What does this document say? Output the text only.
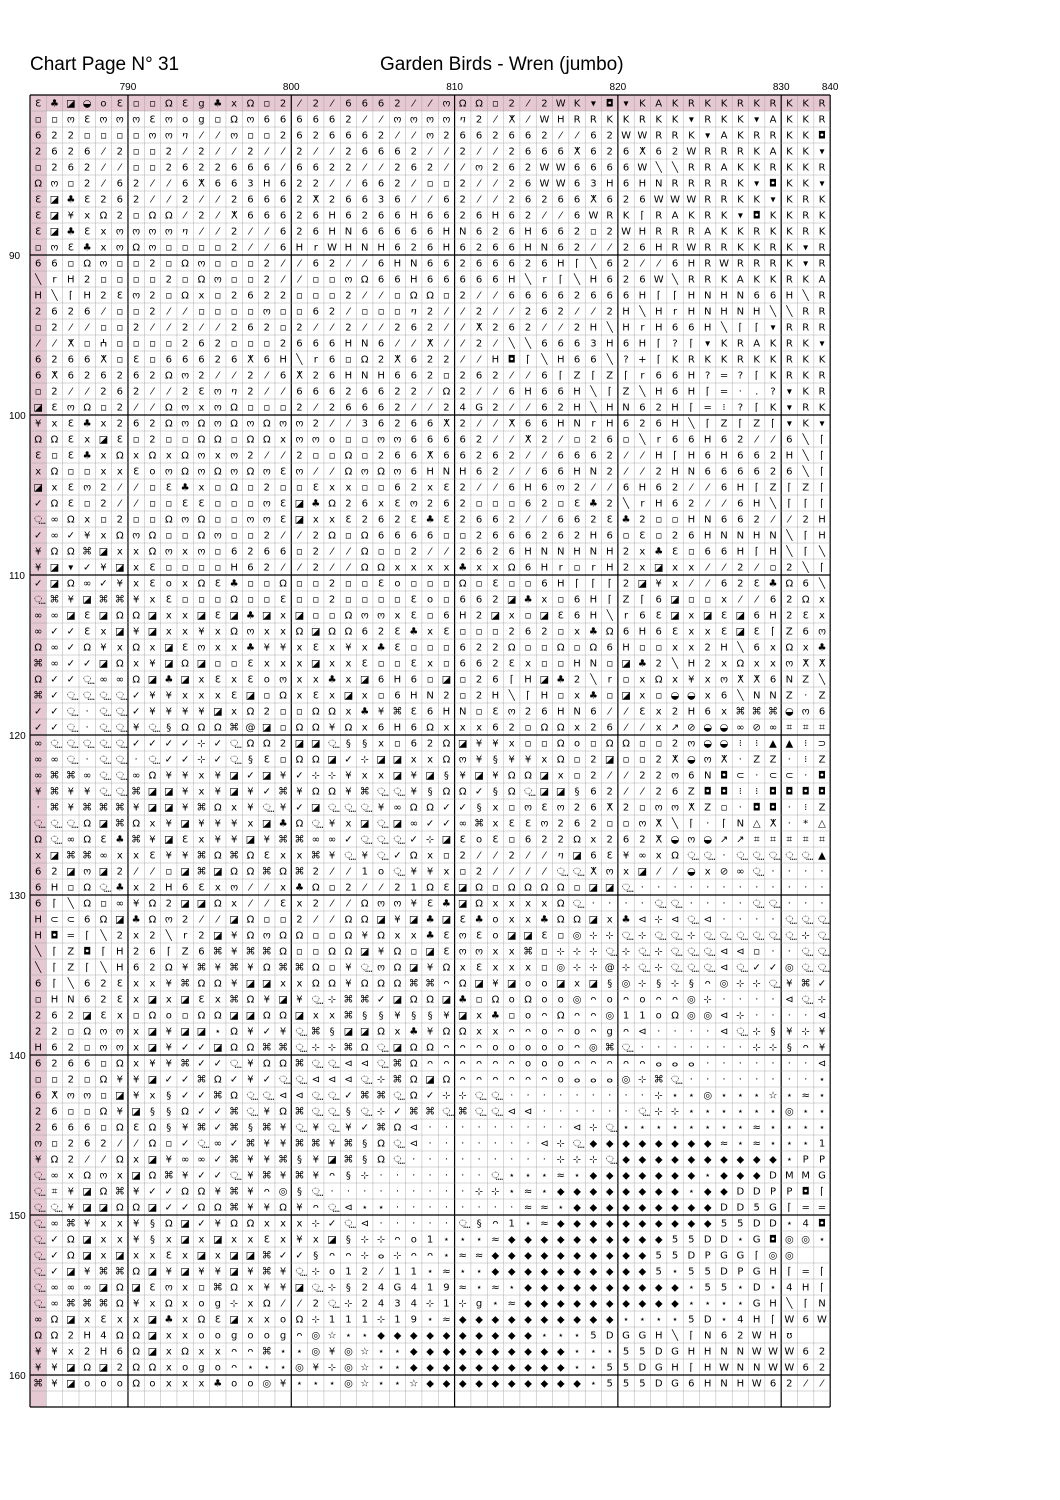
Chart Page N° 31	Garden Birds - Wren (jumbo)
790	800	810	820	830	840
90
100
110
120
130
140
150
160
Ɛ ♣ ◪ ◒ o Ɛ ▫ ▫ Ω Ɛ g ♣ x Ω ▫ 2 ⁄ 2 ⁄ 6 6 6 2 ⁄ ⁄ ო Ω Ω ▫ 2 ⁄ 2 W K ▾ ◘ ▾ K A K R K K R K R K K R
▫ ▫ ო Ɛ ო ო ო Ɛ ო o g ▫ Ω ო 6 6 6 6 6 2 ⁄ ⁄ ო ო ო ო ⴈ 2 ⁄ ⵅ ⁄ W H R R K K R K K ▾ R K K ▾ A K K R
6 2 2 ▫ ▫ ▫ ▫ ო ო ⴈ ⁄ ⁄ ო ▫ ▫ 2 6 2 6 6 6 2 ⁄ ⁄ ო 2 6 6 2 6 6 2 ⁄ ⁄ 6 2 W W R R K ▾ A K R R K K ◘
2 6 2 6 ⁄ 2 ▫ ▫ 2 ⁄ 2 ⁄ ⁄ 2 ⁄ ⁄ 2 ⁄ ⁄ 2 6 6 6 2 ⁄ ⁄ 2 ⁄ ⁄ 2 6 6 6 ⵅ 6 2 6 ⵅ 6 2 W R R R K A K K ▾
▫ 2 6 2 ⁄ ⁄ ▫ ▫ 2 6 2 2 6 6 6 ⁄ 6 6 2 2 ⁄ ⁄ 2 6 2 ⁄ ⁄ ო 2 6 2 W W 6 6 6 6 W ╲ ╲ R R A K K R K K R
Ω ო ▫ 2 ⁄ 6 2 ⁄ ⁄ 6 ⵅ 6 6 3 H 6 2 2 ⁄ ⁄ 6 6 2 ⁄ ▫ ▫ 2 ⁄ ⁄ 2 6 W W 6 3 H 6 H N R R R R K ▾ ◘ K K ▾
Ɛ ◪ ♣ Ɛ 2 6 2 ⁄ ⁄ 2 ⁄ ⁄ 2 6 6 6 2 ⵅ 2 6 6 3 6 ⁄ ⁄ 6 2 ⁄ ⁄ 2 6 2 6 6 ⵅ 6 2 6 W W W R R K K ▾ K R K
Ɛ ◪ ¥ x Ω 2 ▫ Ω Ω ⁄ 2 ⁄ ⵅ 6 6 6 2 6 H 6 2 6 6 H 6 6 2 6 H 6 2 ⁄ ⁄ 6 W R K ⌈ R A K R K ▾ ◘ K K R K
Ɛ ◪ ♣ Ɛ x ო ო ო ო ⴈ ⁄ ⁄ 2 ⁄ ⁄ 6 2 6 H N 6 6 6 6 6 H N 6 2 6 H 6 6 2 ▫ 2 W H R R R A K K R K K R K
▫ ო Ɛ ♣ x ო Ω ო ▫ ▫ ▫ ▫ 2 ⁄ ⁄ 6 H r W H N H 6 2 6 H 6 2 6 6 H N 6 2 ⁄ ⁄ 2 6 H R W R R K K R K ▾ R
6 6 ▫ Ω ო ▫ ▫ 2 ▫ Ω ო ▫ ▫ ▫ 2 ⁄ ⁄ 6 2 ⁄ ⁄ 6 H N 6 6 2 6 6 6 2 6 H ⌈ ╲ 6 2 ⁄ ⁄ 6 H R W R R R K ▾ R
╲ r H 2 ▫ ▫ ▫ ▫ 2 ▫ Ω ო ▫ ▫ 2 ⁄ ⁄ ▫ ▫ ო Ω 6 6 H 6 6 6 6 6 H ╲ r ⌈ ╲ H 6 2 6 W ╲ R R K A K K R K A
H ╲ ⌈ H 2 Ɛ ო 2 ▫ Ω x ▫ 2 6 2 2 ▫ ▫ ▫ 2 ⁄ ⁄ ▫ Ω Ω ▫ 2 ⁄ ⁄ 6 6 6 6 2 6 6 6 H ⌈ ⌈ H N H N 6 6 H ╲ R
2 6 2 6 ⁄ ▫ ▫ 2 ⁄ ⁄ ▫ ▫ ▫ ▫ ო ▫ ▫ 6 2 ⁄ ▫ ▫ ▫ ⴈ 2 ⁄ ⁄ 2 ⁄ ⁄ 2 6 2 ⁄ ⁄ 2 H ╲ H r H N H N H ╲ ╲ R R
▫ 2 ⁄ ⁄ ▫ ▫ 2 ⁄ ⁄ 2 ⁄ ⁄ 2 6 2 ▫ 2 ⁄ ⁄ 2 ⁄ ⁄ 2 6 2 ⁄ ⁄ ⵅ 2 6 2 ⁄ ⁄ 2 H ╲ H r H 6 6 H ╲ ⌈ ⌈ ▾ R R R
⁄ ⁄ ⵅ ▫ ⵄ ▫ ▫ ▫ ▫ 2 6 2 ▫ ▫ ▫ 2 6 6 6 H N 6 ⁄ ⁄ ⵅ ⁄ ⁄ 2 ⁄ ╲ ╲ 6 6 6 3 H 6 H ⌈ ? ⌈ ▾ K R A K R K ▾
6 2 6 6 ⵅ ▫ Ɛ ▫ 6 6 6 2 6 ⵅ 6 H ╲ r 6 ▫ Ω 2 ⵅ 6 2 2 ⁄ ⁄ H ◘ ⌈ ╲ H 6 6 ╲ ? + ⌈ K R K K R K K R K K
6 ⵅ 6 2 6 2 6 2 Ω ო 2 ⁄ ⁄ 2 ⁄ 6 ⵅ 2 6 H N H 6 6 2 ▫ 2 6 2 ⁄ ⁄ 6 ⌈ Z ⌈ Z ⌈ r 6 6 H ? = ? ⌈ K R K R
▫ 2 ⁄ ⁄ 2 6 2 ⁄ ⁄ 2 Ɛ ო ⴈ 2 ⁄ ⁄ 6 6 6 2 6 6 2 2 ⁄ Ω 2 ⁄ ⁄ 6 H 6 6 H ╲ ⌈ Z ╲ H 6 H ⌈ = · . ? ▾ K R
◪ Ɛ ო Ω ▫ 2 ⁄ ⁄ Ω ო x ო Ω ▫ ▫ ▫ 2 ⁄ 2 6 6 6 2 ⁄ ⁄ 2 4 G 2 ⁄ ⁄ 6 2 H ╲ H N 6 2 H ⌈ = ⁝ ? ⌈ K ▾ R K
¥ x Ɛ ♣ x 2 6 2 Ω ო Ω ო Ω ო Ω ო ო 2 ⁄ ⁄ 3 6 2 6 6 ⵅ 2 ⁄ ⁄ ⵅ 6 6 H N r H 6 2 6 H ╲ ⌈ Z ⌈ Z ⌈ ▾ K ▾
Ω Ω Ɛ x ◪ Ɛ ▫ 2 ▫ ▫ Ω Ω ▫ Ω Ω x ო ო o ▫ ▫ ო ო 6 6 6 6 2 ⁄ ⁄ ⵅ 2 ⁄ ▫ 2 6 ▫ ╲ r 6 6 H 6 2 ⁄ ⁄ 6 ╲ ⌈
Ɛ ▫ Ɛ ♣ x Ω x Ω x Ω ო x ო 2 ⁄ ⁄ 2 ▫ ▫ Ω ▫ 2 6 6 ⵅ 6 6 2 6 2 ⁄ ⁄ 6 6 6 2 ⁄ ⁄ H ⌈ H 6 H 6 6 2 H ╲ ⌈
x Ω ▫ ▫ x x Ɛ o ო Ω ო Ω ო Ω ო Ɛ ო ⁄ ⁄ Ω ო Ω ო 6 H N H 6 2 ⁄ ⁄ 6 6 H N 2 ⁄ ⁄ 2 H N 6 6 6 6 2 6 ╲ ⌈
◪ x Ɛ ო 2 ⁄ ⁄ ▫ Ɛ ♣ x ▫ Ω ▫ 2 ▫ ▫ Ɛ x x ▫ ▫ 6 2 x Ɛ 2 ⁄ ⁄ 6 H 6 ო 2 ⁄ ⁄ 6 H 6 2 ⁄ ⁄ 6 H ⌈ Z ⌈ Z ⌈
✓ Ω Ɛ ▫ 2 ⁄ ⁄ ▫ ▫ Ɛ Ɛ ▫ ▫ ▫ ო Ɛ ◪ ♣ Ω 2 6 x Ɛ ო 2 6 2 ▫ ▫ ▫ 6 2 ▫ Ɛ ♣ 2 ╲ r H 6 2 ⁄ ⁄ 6 H ╲ ⌈ ⌈ ⌈
⵿ ∞ Ω x ▫ 2 ▫ ▫ Ω ო Ω ▫ ▫ ო ო Ɛ ◪ x x Ɛ 2 6 2 Ɛ ♣ Ɛ 2 6 6 2 ⁄ ⁄ 6 6 2 Ɛ ♣ 2 ▫ ▫ H N 6 6 2 ⁄ ⁄ 2 H
✓ ∞ ✓ ¥ x Ω ო Ω ▫ ▫ Ω ო ▫ ▫ 2 ⁄ ⁄ 2 Ω ▫ Ω 6 6 6 6 ▫ ▫ 2 6 6 6 2 6 2 H 6 ▫ Ɛ ▫ 2 6 H N N H N ╲ ⌈ H
¥ Ω Ω ⌘ ◪ x x Ω ო x ო ▫ 6 2 6 6 ▫ 2 ⁄ ⁄ Ω ▫ ▫ 2 ⁄ ⁄ 2 6 2 6 H N N H N H 2 x ♣ Ɛ ▫ 6 6 H ⌈ H ╲ ⌈ ╲
¥ ◪ ▾ ✓ ¥ ◪ x Ɛ ▫ ▫ ▫ ▫ H 6 2 ⁄ ⁄ 2 ⁄ ⁄ Ω Ω x x x x ♣ x x Ω 6 H r ▫ r H 2 x ◪ x x ⁄ ⁄ 2 ⁄ ▫ 2 ╲ ⌈
✓ ◪ Ω ∞ ✓ ¥ x Ɛ o x Ω Ɛ ♣ ▫ ▫ Ω ▫ ▫ 2 ▫ ▫ Ɛ o ▫ ▫ ▫ Ω ▫ Ɛ ▫ ▫ 6 H ⌈ ⌈ ⌈ 2 ◪ ¥ x ⁄ ⁄ 6 2 Ɛ ♣ Ω 6 ╲
⵿ ⌘ ¥ ◪ ⌘ ⌘ ¥ x Ɛ ▫ ▫ ▫ Ω ▫ ▫ Ɛ ▫ ▫ 2 ▫ ▫ ▫ ▫ Ɛ o ▫ 6 6 2 ◪ ♣ x ▫ 6 H ⌈ Z ⌈ 6 ◪ ▫ ▫ x ⁄ ⁄ 6 2 Ω x
∞ ∞ ◪ Ɛ ◪ Ω Ω ◪ x x ◪ Ɛ ◪ ♣ ◪ x ◪ ▫ ▫ Ω ო ო x Ɛ ▫ 6 H 2 ◪ x ▫ ◪ Ɛ 6 H ╲ r 6 Ɛ ◪ x ◪ Ɛ ◪ 6 H 2 Ɛ x
∞ ✓ ✓ Ɛ x ◪ ¥ ◪ x x ¥ x Ω ო x x Ω ◪ Ω Ω 6 2 Ɛ ♣ x Ɛ ▫ ▫ ▫ 2 6 2 ▫ x ♣ Ω 6 H 6 Ɛ x x Ɛ ◪ Ɛ ⌈ Z 6 ო
Ω ∞ ✓ Ω ¥ x Ω x ◪ Ɛ ო x x ♣ ¥ ¥ x Ɛ x ¥ x ♣ Ɛ ▫ ▫ ▫ 6 2 2 Ω ▫ ▫ Ω ▫ Ω 6 H ▫ ▫ x x 2 H ╲ 6 x Ω x ♣
⌘ ∞ ✓ ✓ ◪ Ω x ¥ ◪ Ω ◪ ▫ ▫ Ɛ x x x ◪ x x Ɛ ▫ ▫ Ɛ x ▫ 6 6 2 Ɛ x ▫ ▫ H N ▫ ◪ ♣ 2 ╲ H 2 x Ω x x ო ⵅ ⵅ
Ω ✓ ✓ ⵿ ∞ ∞ Ω ◪ ♣ ◪ x Ɛ x Ɛ o ო x x ♣ x ◪ 6 H 6 ▫ ◪ ▫ 2 6 ⌈ H ◪ ♣ 2 ╲ r ▫ x Ω x ¥ x ო ⵅ ⵅ 6 N Z ╲
⌘ ✓ ⵿ ⵿ ⵿ ⵿ ✓ ¥ ¥ x x x Ɛ ◪ ▫ Ω x Ɛ x ◪ x ▫ 6 H N 2 ▫ 2 H ╲ ⌈ H ▫ x ♣ ▫ ◪ x ▫ ◒ ◒ x 6 ╲ N N Z · Z
✓ ✓ ⵿	· ⵿ ⵿ ✓ ¥ ¥ ¥ ¥ ◪ x Ω 2 ▫ ▫ Ω Ω x ♣ ¥ ⌘ Ɛ 6 H N ▫ Ɛ ო 2 6 H N 6 ⁄ ⁄ Ɛ x 2 H 6 x ⌘ ⌘ ⌘ ◒ ო 6
✓ ✓ ⵿	· ⵿ ⵿ ¥ ⵿ § Ω Ω Ω ⌘ @ ◪ ▫ Ω Ω ¥ Ω x 6 H 6 Ω x x x 6 2 ▫ Ω Ω x 2 6 ⁄ ⁄ x ↗ ⊘ ◒ ◒ ∞ ⊘ ∞ ⌗ ⌗ ⌗
∞ ⵿ ⵿ ⵿ ⵿ ⵿ ✓ ✓ ✓ ✓ ⊹ ✓ ⵿ Ω Ω 2 ◪ ◪ ⵿ § § x ▫ 6 2 Ω ◪ ¥ ¥ x ▫ ▫ Ω o ▫ Ω Ω ▫ ▫ 2 ო ◒ ◒ ⁝ ⁝ ▲ ▲ ⁝ ⊃
∞ ∞ ⵿	· ⵿ ⵿	· ⵿ ✓ ✓ ⊹ ✓ ⵿ § Ɛ ▫ Ω Ω ◪ ✓ ⊹ ◪ ◪ x x Ω ო ¥ § ¥ ¥ x Ω ▫ 2 ◪ ▫ ▫ 2 ⵅ ◒ ო ⵅ · Z Z · ⁝ Z
∞ ⌘ ⌘ ∞ ⵿ ⵿ ∞ Ω ¥ ¥ x ¥ ◪ ✓ ◪ ¥ ✓ ⊹ ⊹ ¥ x x ◪ ¥ ◪ § ¥ ◪ ¥ Ω Ω ◪ x ▫ 2 ⁄ ⁄ 2 2 ო 6 N ◘ ⊂ · ⊂ ⊂ · ◘
¥ ⌘ ¥ ¥ ⵿ ⵿ ⌘ ◪ ◪ ¥ x ¥ ◪ ¥ ✓ ⌘ ¥ Ω Ω ¥ ⌘ ⵿ ⵿ ¥ § Ω Ω ✓ § Ω ⵿ ◪ ◪ § 6 2 ⁄ ⁄ 2 6 Z ◘ ◘ ⁝ ⁝ ◘ ◘ ◘ ◘
· ⌘ ¥ ⌘ ⌘ ⌘ ¥ ◪ ◪ ¥ ⌘ Ω x ¥ ⵿ ¥ ✓ ◪ ⵿ ⵿ ⵿ ¥ ∞ Ω Ω ✓ ✓ § x ▫ ო Ɛ ო 2 6 ⵅ 2 ▫ ო ო ⵅ Z ▫ · ◘ ◘ · ⁝ Z
⵿ ⵿ ⵿ Ω ◪ ⌘ Ω x ¥ ◪ ¥ ¥ ¥ x ◪ ♣ Ω ⵿ ¥ x ◪ ⵿ ◪ ∞ ✓ ✓ ∞ ⌘ x Ɛ Ɛ ო 2 6 2 ▫ ▫ ო ⵅ ╲ ⌈ · ⌈ N △ ⵅ · * △
Ω ⵿ ∞ Ω Ɛ ♣ ⌘ ¥ ◪ Ɛ x ¥ ¥ ◪ ¥ ⌘ ⌘ ∞ ∞ ✓ ⵿ ⵿ ⵿ ✓ ⊹ ◪ Ɛ o Ɛ ▫ 6 2 2 Ω x 2 6 2 ⵅ ◒ ო ◒ ↗ ↗ ⌗ ⌗ ⌗ ⌗ ⌗
x ◪ ⌘ ⌘ ∞ x x Ɛ ¥ ¥ ⌘ Ω ⌘ Ω Ɛ x x ⌘ ¥ ⵿ ¥ ⵿ ✓ Ω x ▫ 2 ⁄ ⁄ 2 ⁄ ⁄ ⴈ ◪ 6 Ɛ ¥ ∞ x Ω ⵿ ⵿	· ⵿ ⵿ ⵿ ⵿ ⵿ ▲
6 2 ◪ ო ◪ 2 ⁄ ⁄ ▫ ◪ ⌘ ◪ Ω Ω ⌘ Ω ⌘ 2 ⁄ ⁄ 1 o ⵿ ¥ ¥ x ▫ 2 ⁄ ⁄ ⁄ ⁄ ⵿ ⵿ ⵅ ო x ◪ ⁄ ⁄ ◒ x ⊘ ∞ ⵿	· · · ·
6 H ▫ Ω ⵿ ♣ x 2 H 6 Ɛ x ო ⁄ ⁄ x ♣ Ω ▫ 2 ⁄ ⁄ 2 1 Ω Ɛ ◪ Ω ▫ Ω Ω Ω Ω ▫ ◪ ◪ ⵿	· · · · · · · · · · · ·
6 ⌈ ╲ Ω ▫ ∞ ¥ Ω 2 ◪ ◪ Ω x ⁄ ⁄ Ɛ x 2 ⁄ ⁄ Ω ო ო ¥ Ɛ ♣ ◪ Ω x x x x Ω ⵿	· · · · ⵿ ⵿	· · · · ⵿ ⵿	· · ·
H ⊂ ⊂ 6 Ω ◪ ♣ Ω ო 2 ⁄ ⁄ ◪ Ω ▫ ▫ 2 ⁄ ⁄ Ω Ω ◪ ¥ ◪ ♣ ◪ Ɛ ♣ o x x ♣ Ω Ω ◪ x ♣ ⊲ ⊹ ⊲ ⵿ ⊲ · · · · ⵿ ⵿ ⵿
H ◘ = ⌈ ╲ 2 x 2 ╲ r 2 ◪ ¥ Ω ო Ω Ω ▫ ▫ Ω ¥ Ω x x ♣ Ɛ ო Ɛ o ◪ ◪ Ɛ ▫ ◎ ⊹ ⊹ ⵿ ⊹ ⵿ ⵿ ⊹ ⵿ ⵿ ⵿ ⵿ ⵿ ⵿ ⊹ ⵿
╲ ⌈ Z ◘ ⌈ H 2 6 ⌈ Z 6 ⌘ ¥ ⌘ ⌘ Ω ▫ ▫ Ω Ω ◪ ¥ Ω ▫ ◪ Ɛ ო ო x x ⌘ ▫ ⊹ ⊹ ⊹ ⵿ ⊹ ⵿ ⊹ ⵿ ⵿ ⵿ ⊲ ⊲ ▫ · · ⵿ ⵿
╲ ⌈ Z ⌈ ╲ H 6 2 Ω ¥ ⌘ ¥ ⌘ ¥ Ω ⌘ ⌘ Ω ▫ ¥ ⵿ ო Ω ◪ ¥ Ω x Ɛ x x x ▫ ◎ ⊹ ⊹ @ ⊹ ⵿ ⊹ ⵿ ⵿ ⵿ ⊲ ⵿ ✓ ✓ ◎ ⵿ ⵿
6 ⌈ ╲ 6 2 Ɛ x x ¥ ⌘ Ω Ω ¥ ◪ ◪ x x Ω Ω ¥ Ω Ω Ω ⌘ ⌘ ᴖ Ω ◪ ¥ ◪ o o ◪ x ◪ § ◎ ⊹ § ⊹ § ᴖ ◎ ⊹ ⊹ ⵿ ¥ ⌘ ✓
▫ H N 6 2 Ɛ x ◪ x ◪ Ɛ x ⌘ Ω ¥ ◪ ¥ ⵿ ⊹ ⌘ ⌘ ✓ ◪ Ω Ω ◪ ♣ ▫ Ω o Ω o o ◎ ᴖ o ᴖ o ᴖ ᴖ ◎ ⊹ · · · · ⊲ ⵿ ⊹
2 6 2 ◪ Ɛ x ▫ Ω o ▫ Ω Ω ◪ ◪ Ω Ω ◪ x x ⌘ § § ¥ § § ¥ ◪ x ♣ ▫ o ᴖ Ω ᴖ ᴖ ◎ 1 1 o Ω ◎ ◎ ⊲ ⊹ · · · · ⊲
2 2 ▫ Ω ო ო x ◪ ¥ ◪ ◪ ⋆ Ω ¥ ✓ ¥ ⵿ ⌘ § ◪ ◪ Ω x ♣ ¥ Ω Ω x x ᴖ ᴖ o ᴖ o ᴖ g ᴖ ⊲ · · · · ⊲ ⵿ ⊹ § ¥ ⊹ ¥
H 6 2 ▫ ო ო x ◪ ¥ ✓ ✓ ◪ Ω Ω ⌘ ⌘ ⵿ ⊹ ⊹ ⌘ Ω ⵿ ◪ Ω Ω ᴖ ᴖ ᴖ o o o o o ᴖ ◎ ⌘ ⵿	· · · · · · · ⊹ ⊹ § ᴖ ¥
6 2 6 6 ▫ Ω x ¥ ¥ ⌘ ✓ ✓ ⵿ ¥ Ω Ω ⌘ ⵿ ⵿ ⊲ ⊲ ⵿ ⌘ Ω ᴖ ᴖ ᴖ ᴖ ᴖ ᴖ o o o ᴖ ᴖ ᴖ ᴖ ᴖ ⴰ ⴰ ⴰ · · · · · · · ⊲
▫ ▫ 2 ▫ Ω ¥ ¥ ◪ ✓ ✓ ⌘ Ω ✓ ¥ ✓ ⵿ ⵿ ⊲ ⊲ ⊲ ⵿ ⊹ ⌘ Ω ◪ Ω ᴖ ᴖ ᴖ ᴖ ᴖ ᴖ o ⴰ ⴰ ⴰ ◎ ⊹ ⌘ ⵿	· · · · · · · · ⋆
6 ⵅ ო ო ▫ ◪ ¥ x § ✓ ✓ ⌘ Ω ⵿ ⵿ ⊲ ⊲ ⵿ ⵿ ✓ ⌘ ⌘ ⵿ Ω ✓ ⊹ ⊹ ⵿ ⵿	· · · · · · · · · ⊹ ⋆ ⋆ ◎ ⋆ ⋆ ⋆ ☆ ⋆ ≈ ⋆
2 6 ▫ ▫ Ω ¥ ◪ § § Ω ✓ ✓ ⌘ ⵿ ¥ Ω ⌘ ⵿ ⵿ § ⵿ ⊹ ✓ ⌘ ⌘ ⵿ ⌘ ⵿ ⵿ ⊲ ⊲ · · · · · · ⵿ ⊹ ⊹ ⋆ ⋆ ⋆ ⋆ ⋆ ⋆ ◎ ⋆ ⋆
2 6 6 6 ▫ Ω Ɛ Ω § ¥ ⌘ ✓ ⌘ § ⌘ ¥ ⵿ ¥ ⵿ ¥ ✓ ⌘ Ω ⊲ · · · · · · · · · ⊲ ⊹ ⵿ ⋆ ⋆ ⋆ ⋆ ⋆ ⋆ ⋆ ⋆ ≈ ⋆ ⋆ ⋆ ⋆
ო ▫ 2 6 2 ⁄ ⁄ Ω ▫ ✓ ⵿ ∞ ✓ ⌘ ¥ ¥ ⌘ ⌘ ¥ ⌘ § Ω ⵿ ⊲ · · · · · · · ⊲ ⊹ ⵿ ◆ ◆ ◆ ◆ ◆ ◆ ◆ ◆ ≈ ⋆ ≈ ⋆ ⋆ ⋆ 1
¥ Ω 2 ⁄ ⁄ Ω x ◪ ¥ ∞ ∞ ✓ ⌘ ¥ ¥ ⌘ § ¥ ◪ ⌘ § Ω ⵿	· · · · · · · · · ⊹ ⊹ ⊹ ⵿ ◆ ◆ ◆ ◆ ◆ ◆ ◆ ◆ ◆ ◆ ⋆ P P
⵿ ∞ x Ω ო x ◪ Ω ⌘ ¥ ✓ ✓ ⵿ ¥ ⌘ ¥ ⌘ ¥ ᴖ § ⊹ · · · · · · · ⵿ ⋆ ⋆ ⋆ ≈ ⋆ ◆ ◆ ◆ ◆ ◆ ◆ ◆ ⋆ ◆ ◆ ◆ D M M G
⵿ ⌗ ¥ ◪ Ω ⌘ ¥ ✓ ✓ Ω Ω ¥ ⌘ ¥ ᴖ ◎ § ⵿	· · · · · · · · · ⊹ ⊹ ⋆ ≈ ⋆ ◆ ◆ ◆ ◆ ◆ ◆ ◆ ◆ ⋆ ◆ ◆ D D P P ◘ ⌈
⵿ ⵿ ¥ ◪ ◪ Ω Ω ◪ ✓ ✓ Ω Ω ⌘ ¥ ¥ Ω ¥ ᴖ ⵿ ⊲ ⋆ ⋆ · · · · · · · · ≈ ≈ ⋆ ◆ ◆ ◆ ◆ ◆ ◆ ◆ ◆ ◆ D D 5 G ⌈ = =
⵿ ∞ ⌘ ¥ x x ¥ § Ω ◪ ✓ ¥ Ω Ω x x x ⊹ ✓ ⵿ ⊲ · · · · · ⵿ § ᴖ 1 ⋆ ≈ ◆ ◆ ◆ ◆ ◆ ◆ ◆ ◆ ◆ ◆ 5 5 D D ⋆ 4 ◘
⵿ ✓ Ω ◪ x x ¥ § x ◪ x ◪ x x Ɛ x ¥ x ◪ § ⊹ ⊹ ᴖ o 1 ⋆ ⋆ ⋆ ≈ ◆ ◆ ◆ ◆ ◆ ◆ ◆ ◆ ◆ ◆ 5 5 D D ⋆ G ◘ ◎ ◎ ⋆
⵿ ✓ Ω ◪ x ◪ x x Ɛ x ◪ x ◪ ◪ ⌘ ✓ ✓ § ᴖ ᴖ ⊹ ⴰ ⊹ ᴖ ᴖ ⋆ ≈ ≈ ◆ ◆ ◆ ◆ ◆ ◆ ◆ ◆ ◆ ◆ 5 5 D P G G ⌈ ◎ ◎
⵿ ✓ ◪ ¥ ⌘ ⌘ Ω ◪ ¥ ◪ ¥ ¥ ◪ ¥ ⌘ ¥ ⵿ ⊹ o 1 2 ⁄ 1 1 ⋆ ≈ ⋆ ⋆ ◆ ◆ ◆ ◆ ◆ ◆ ◆ ◆ ◆ ◆ 5 ⋆ 5 5 D P G H ⌈ = ⌈
⵿ ∞ ∞ ∞ ◪ Ω ◪ Ɛ ო x ▫ ⌘ Ω x ¥ ¥ ◪ ⵿ ⊹ § 2 4 G 4 1 9 ≈ ⋆ ≈ ⋆ ◆ ◆ ◆ ◆ ◆ ◆ ◆ ◆ ◆ ◆ ⋆ 5 5 ⋆ D ⋆ 4 H ⌈
⵿ ∞ ⌘ ⌘ ⌘ Ω ¥ x Ω x o g ⊹ x Ω ⁄ ⁄ 2 ⵿ ⊹ 2 4 3 4 ⊹ 1 ⊹ g ⋆ ≈ ◆ ◆ ◆ ◆ ◆ ◆ ◆ ◆ ◆ ◆ ⋆ ⋆ ⋆ ⋆ G H ╲ ⌈ N
∞ Ω ◪ x Ɛ x x ◪ ♣ x Ω Ɛ ◪ x x o Ω ⊹ 1 1 1 ⊹ 1 9 ⋆ ≈ ◆ ◆ ◆ ◆ ◆ ◆ ◆ ◆ ◆ ◆ ⋆ ⋆ ⋆ ⋆ 5 D ⋆ 4 H ⌈ W 6 W
Ω Ω 2 H 4 Ω Ω ◪ x x o o g o o g ᴖ ◎ ☆ ⋆ ⋆ ◆ ◆ ◆ ◆ ◆ ◆ ◆ ◆ ◆ ◆ ⋆ ⋆ ⋆ 5 D G G H ╲ ⌈ N 6 2 W H ʊ
¥ ¥ x 2 H 6 Ω ◪ x Ω x x ᴖ ᴖ ⌘ ⋆ ⋆ ◎ ¥ ◎ ☆ ⋆ ⋆ ◆ ◆ ◆ ◆ ◆ ◆ ◆ ◆ ◆ ◆ ⋆ ⋆ ⋆ 5 5 D G H H N N W W W 6 2
¥ ¥ ◪ Ω ◪ 2 Ω Ω x o g o ᴖ ⋆ ⋆ ⋆ ◎ ¥ ⊹ ◎ ☆ ⋆ ⋆ ◆ ◆ ◆ ◆ ◆ ◆ ◆ ◆ ◆ ◆ ⋆ ⋆ 5 5 D G H ⌈ H W N N W W 6 2
⌘ ¥ ◪ o o o Ω o x x x ♣ o o ◎ ¥ ⋆ ⋆ ⋆ ◎ ☆ ⋆ ⋆ ☆ ◆ ◆ ◆ ◆ ◆ ◆ ◆ ◆ ◆ ◆ ⋆ 5 5 5 D G 6 H N H W 6 2 ⁄ ⁄
